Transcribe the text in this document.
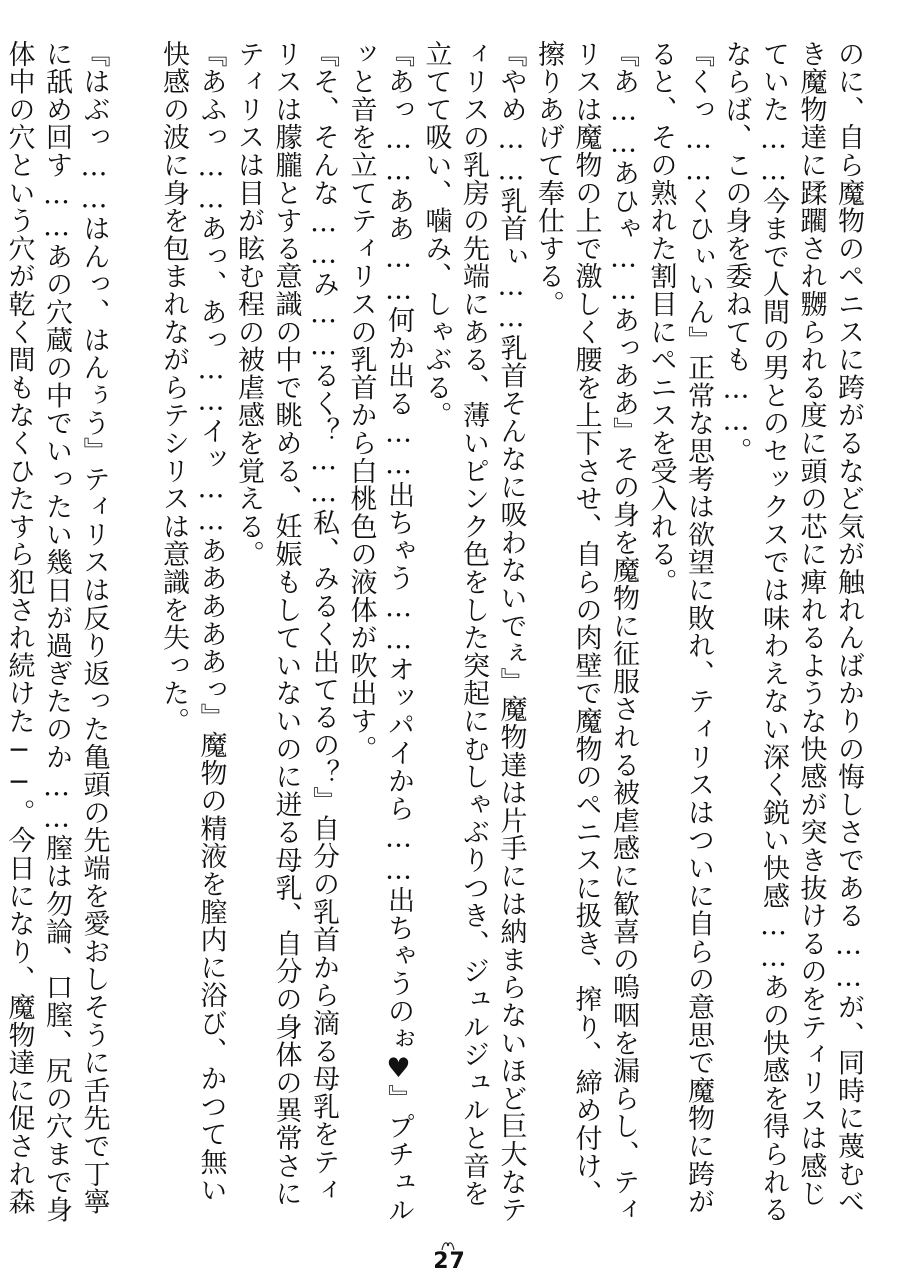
のに、自ら魔物のペニスに跨がるなど気が触れんばかりの悔しさである……が、同時に蔑むべき魔物達に蹂躙され嬲られる度に頭の芯に痺れるような快感が突き抜けるのをティリスは感じていた……今まで人間の男とのセックスでは味わえない深く鋭い快感……あの快感を得られるならば、この身を委ねても……。

『くっ……くひぃいん』正常な思考は欲望に敗れ、ティリスはついに自らの意思で魔物に跨がると、その熟れた割目にペニスを受入れる。

『あ……あひゃ……あっああ』その身を魔物に征服される被虐感に歓喜の嗚咽を漏らし、ティリスは魔物の上で激しく腰を上下させ、自らの肉壁で魔物のペニスに扱き、搾り、締め付け、擦りあげて奉仕する。

『やめ……乳首ぃ……乳首そんなに吸わないでぇ』魔物達は片手には納まらないほど巨大なティリスの乳房の先端にある、薄いピンク色をした突起にむしゃぶりつき、ジュルジュルと音を立てて吸い、噛み、しゃぶる。

『あっ……ああ……何か出る……出ちゃう……オッパイから……出ちゃうのぉ♥』プチュルッと音を立てティリスの乳首から白桃色の液体が吹出す。

『そ、そんな……み……るく？……私、みるく出てるの？』自分の乳首から滴る母乳をティリスは朦朧とする意識の中で眺める、妊娠もしていないのに迸る母乳、自分の身体の異常さにティリスは目が眩む程の被虐感を覚える。

『あふっ……あっ、あっ……イッ……あああああっ』魔物の精液を膣内に浴び、かつて無い快感の波に身を包まれながらテシリスは意識を失った。

『はぶっ……はんっ、はんぅう』ティリスは反り返った亀頭の先端を愛おしそうに舌先で丁寧に舐め回す……あの穴蔵の中でいったい幾日が過ぎたのか……膣は勿論、口膣、尻の穴まで身体中の穴という穴が乾く間もなくひたすら犯され続けた──。今日になり、魔物達に促され森

27
